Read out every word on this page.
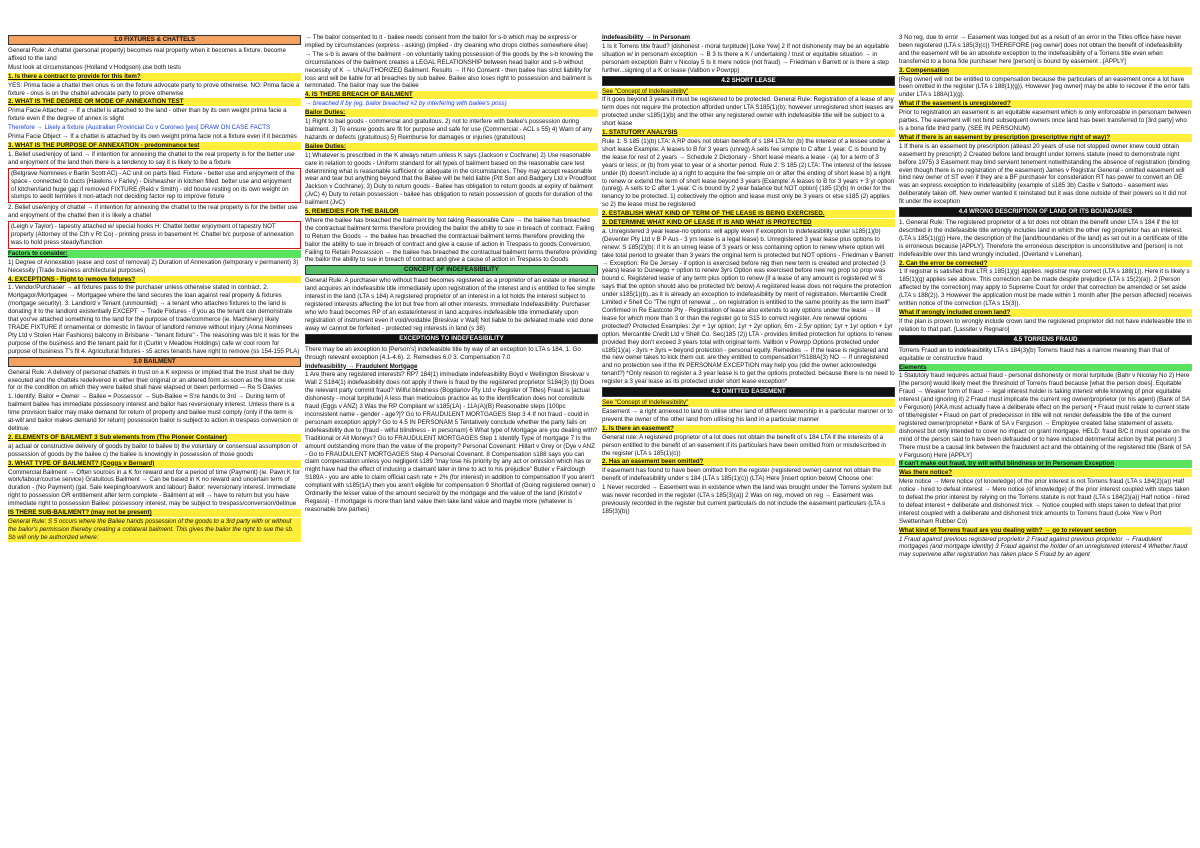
1.0 FIXTURES & CHATTELS
General Rule: A chattel (personal property) becomes real property when it becomes a fixture. become affixed to the land
Must look at circumstances (Holland v Hodgson) use both tests
1. Is there a contract to provide for this item?
YES: Prima facie a chattel then onus is on the fixture advocate party to prove otherwise. NO: Prima facie a fixture - onus is on the chattel advocate party to prove otherwise
2. WHAT IS THE DEGREE OR MODE OF ANNEXATION TEST
Prima Facie Attached → If a chattel is attached to the land - other than by its own weight prima facie a fixture even if the degree of annex is slight
Therefore → Likely a fixture (Australian Provincial Co v Coroneo [yes] DRAW ON CASE FACTS
Prima Facie Object → If a chattel is attached by its own weight prima facie not a fixture even if it becomes
3. WHAT IS THE PURPOSE OF ANNEXATION - predominance test
1. Belief used/enjoy of land → if intention for annexing the chattel to the real property is for the better use and enjoyment of the land then there is a tendency to say it is likely to be a fixture
(Belgrave Nominees v Barlin Scott AC) - AC unit on parts filed. Fixture - better use and enjoyment of the space - connected to ducts (Hawkins v Farley) - Dishwasher in kitchen filled: better use and enjoyment of kitchen/land huge gap if removed FIXTURE (Reid v Smith) - old house resting on its own weight on stumps to aedit termites it non-attach not deciding factor rep to improve fixture
2. Belief use/enjoy of chattel → if intention for annexing the chattel to the real property is for the better use and enjoyment of the chattel then it is likely a chattel
(Leigh v Taylor) - tapestry attached w/ special hooks H: Chattel better enjoyment of tapestry NOT property (Attorney of the Cth v Rt Co) - printing press in basement H: Chattel b/c purpose of annexation was to hold press steady/function
Factors to consider:
1) Degree of Annexation (ease and cost of removal) 2) Duration of Annexation (temporary v permanent) 3) Necessity (Trade business architectural purposes)
4. EXCEPTIONS - Right to remove fixtures?
1. Vendor/Purchaser → all fixtures pass to the purchaser unless otherwise stated in contract. 2. Mortgagor/Mortgagee → Mortgagee where the land secures the loan against real property & fixtures (mortgage security). 3. Landlord v Tenant (unmounted) → a tenant who attaches fixtures to the land is donating it to the landlord existentially EXCEPT → Trade Fixtures - if you as the tenant can demonstrate that you've attached something to the land for the purpose of trade/commerce (ie. Machinery) likely TRADE FIXTURE if ornamental or domestic in favour of landlord remove without injury (Anna Nominees Pty Ltd v Stolen Hair Fashions) balcony in Brisbane - "tenant fixture" - The reasoning was b/c it was for the purpose of the business and the tenant paid for it (Curtin v Meadow Holdings) cafe w/ cool room for purpose of business T's fit 4. Agricultural fixtures - s5 acres tenants have right to remove (ss 154-155 PLA)
3.0 BAILMENT
General Rule: A delivery of personal chattels in trust on a K express or implied that the trust shall be duly executed and the chattels redelivered in either their original or an altered form as soon as the time or use for or the condition on which they were bailed shall have elapsed or been performed — Re S Davies
1. Identify: Bailor = Owner → Bailee = Possessor → Sub-Bailee = S're hands to 3rd → During term of bailment bailee has immediate possessory interest and bailor has reversionary interest. Unless there is a time provision bailor may make demand for return of property and bailee must comply (only if the term is at-will and bailor makes demand for return) possession bailor is subject to action in trespass conversion or detinue.
2. ELEMENTS OF BAILMENT 3 Sub elements from (The Pioneer Container)
a) actual or constructive delivery of goods by bailor to bailee b) the voluntary or consensual assumption of possession of goods by the bailee c) the bailee is knowingly in possession of those goods
3. WHAT TYPE OF BAILMENT? (Coggs v Bernard)
Commercial Bailment → Often sources in a K for reward and for a period of time (Payment) (ie. Pawn K for work/labour/course service) Gratuitous Bailment → Can be based in K no reward and uncertain term of duration - (No Payment) (gal. Sale keeping/loan/work and labour) Bailor: reversionary interest. Immediate right to possession OR entitlement after term complete - Bailment at will → have to return but you have immediate right to possession Bailee: possessory interest. may be subject to trespass/conversion/detinue
IS THERE SUB-BAILMENT? (may not be present)
General Rule: S 5 occurs where the Bailee hands possession of the goods to a 3rd party with or without the bailor's permission thereby creating a collateral bailment. This gives the bailor the right to sue the sb. Sb will only be authorized where:
→ The bailor consented to it - bailee needs consent from the bailor for s-b which may be express or implied by circumstances (express - asking) (implied - dry cleaning who drops clothes somewhere else)
→ The s-b is aware of the bailment - on voluntarily taking possession of the goods by the s-b knowing the circumstances of the bailment creates a LEGAL RELATIONSHIP between head bailor and s-b without necessity of K → UNAUTHORIZED Bailment. Results → If No Consent - then bailee has strict liability for loss and will be liable for all breaches by sub bailee. Bailee also loses right to possession and bailment is terminated. The bailor may sue the bailee
4. IS THERE BREACH OF BAILMENT
→ breached if by (eg. bailor breached #2 by interfering with bailee's poss)
Bailor Duties:
1) Right to bail goods - commercial and gratuitous. 2) not to interfere with bailee's possession during bailment. 3) To ensure goods are fit for purpose and safe for use (Commercial - ACL s 55) 4) Warn of any hazards or defects (gratuitous) 5) Reimburse for damages or injuries (gratuitous)
Bailee Duties:
1) Whatever is prescribed in the K always return unless K says (Jackson v Cochrane) 2) Use reasonable care in relation to goods - Uniform standard for all types of bailment based on the reasonable care test determining what is reasonable sufficient or adequate in the circumstances. They may accept reasonable wear and tear but anything beyond that the Bailee will be held liable (Pitt Son and Badgery Ltd v Proudfoot Jackson v Cochrane); 3) Duty to return goods - Bailee has obligation to return goods at expiry of bailment (JvC) 4) Duty to retain possession - bailee has obligation to retain possession of goods for duration of the bailment (JvC)
5. REMEDIES FOR THE BAILOR
Where the bailee has breached the bailment by Not taking Reasonable Care → the bailee has breached the contractual bailment terms therefore providing the bailor the ability to sue in breach of contract. Failing to Return the Goods → the bailee has breached the contractual bailment terms therefore providing the bailor the ability to sue in breach of contract and give a cause of action in Trespass to goods Conversion. Failing to Retain Possession → the bailee has breached the contractual bailment terms therefore providing the bailor the ability to sue in breach of contract and give a cause of action in Trespass to Goods
CONCEPT OF INDEFEASIBILITY
General Rule: A purchaser who without fraud becomes registered as a proprietor of an estate or interest in land acquires an indefeasible title immediately upon registration of the interest and is entitled to fee simple interest in the land (LTA s 184) A registered proprietor of an interest in a lot holds the interest subject to registered interests affecting the lot but free from all other interests. Immediate Indefeasibility: Purchaser who w/o fraud becomes RP of an estate/interest in land acquires indefeasible title immediately upon registration of instrument even if void/voidable [Breskvar v Wall] Not liable to be defeated made void done away w/ cannot be forfeited - protected reg interests in land (s 38)
EXCEPTIONS TO INDEFEASIBILITY
There may be an exception to [Person's] indefeasible title by way of an exception to LTA s 184. 1. Go through relevant exception (4.1-4.6). 2. Remedies 6.0 3. Compensation 7.0
Indefeasibility → Fraudulent Mortgage
1 Are there any registered interests? RP? 184(1) immediate indefeasibility Boyd v Wellington Breskvar v Wall 2 S184(1) indefeasibility does not apply if there is fraud by the registered proprietor S184(3) (b) Does the relevant party commit fraud? Wilful blindness (Bogdanov Pty Ltd v Register of Titles) Fraud is [actual dishonesty - moral turpitude] A less than meticulous practice as to the identification does not constitute fraud (Eggs v ANZ) 3 Was the RP Compliant w/ s185(1A) - 11A(A)(B) Reasonable steps [100pc inconsistent name - gender - age?]? Go to FRAUDULENT MORTGAGES Step 3 4 If not fraud - could in personam exception apply? Go to 4.5 IN PERSONAM 5 Tentatively conclude whether the party fails on indefeasibility due to (fraud - wilful blindness - in personam) 6 What type of Mortgage are you dealing with? Traditional or All Moneys? Go to FRAUDULENT MORTGAGES Step 1 Identify Type of mortgage 7 Is the amount outstanding more than the value of the property? Personal Covenant: Hillart v Grey or (Dye v ANZ - Go to FRAUDULENT MORTGAGES Step 4 Personal Covenant. 8 Compensation s188 says you can claim compensation unless you negligent s189 "may lose his priority by any act or omission which has or might have had the effect of inducing a claimant later in time to act to his prejudice" Butler v Fairclough S189A - you are able to claim official cash rate + 2% (for interest) in addition to compensation If you aren't compliant with s185(1A) then you aren't eligible for compensation 9 Shortfall of (Going registered owner) o Ordinarily the lesser value of the amount secured by the mortgage and the value of the land (Kristof v Regassi) - If mortgage is more than land value then take land value and maybe more (whatever is reasonable b/w parties)
Indefeasibility → In Personam
1 Is it Torrens title fraud? [dishonest - moral turpitude] [Loke Yew] 2 If not dishonesty may be an equitable situation w/ in personam exception → B 3 Is there a K / undertaking / trust or equitable situation → in personam exception Bahr v Nicolay 5 Is it mere notice (not fraud) → Friedman v Barrett or is there a step further...signing of a K or lease (Vallbon v Powrpp)
4.2 SHORT LEASE
See "Concept of Indefeasibility"
If it goes beyond 3 years it must be registered to be protected. General Rule: Registration of a lease of any term does not require the protection afforded under LTA S185(1)(b); however unregistered short leases are protected under s185(1)(b) and the other any registered owner with indefeasible title will be subject to a short lease
1. STATUTORY ANALYSIS
Rule 1: S 185 (1)(b) LTA: A RP does not obtain benefit of s 184 LTA for (b) the interest of a lessee under a short lease Example: A leases to B for 3 years (unreg) A sells fee simple to C after 1 year. C is bound by the lease for rest of 2 years → Schedule 2 Dictionary - Short lease means a lease - (a) for a term of 3 years or less; or (b) from year to year or a shorter period. Rule 2: S 185 (2) LTA: The interest of the lessee under (b) doesn't include a) a right to acquire the fee simple on or after the ending of short lease b) a right to renew or extend the term of short lease beyond 3 years [Example: A leases to B for 3 years + 3 yr option (unreg). A sells to C after 1 year. C is bound by 2 year balance but NOT option] (185 (2)(b) In order for the tenancy to be protected. 1) collectively the option and lease must only be 3 years or else s185 (2) applies so 2) the lease must be registered
2. ESTABLISH WHAT KIND OF TERM OF THE LEASE IS BEING EXERCISED.
3. DETERMINE WHAT KIND OF LEASE IT IS AND WHAT IS PROTECTED
a. Unregistered 3 year lease-no options: will apply even if exception to indefeasibility under s185(1)(b) (Deventer Pty Ltd v B P Aus - 3 yrs lease is a legal lease) b. Unregistered 3 year lease plus options to renew: S 185(2)(b): if it is an unreg lease of 3 years or less containing option to renew where option will take total period to greater than 3 years the original term is protected but NOT options - Friedman v Barrett → Exception: Re De Jersey - if option is exercised before reg then new term is created and protected (3 years) lease to Duneego + option to renew 3yrs Option was exercised before new reg prop so prop was bound c. Registered lease of any term plus option to renew (if a lease of any amount is registered w/ S says that the option should also be protected b/c below) A registered lease does not require the protection under s185(1)(b)..as it is already an exception to indefeasibility by merit of registration. Mercantile Credit Limited v Shell Co "The right of renewal ... on registration is entitled to the same priority as the term itself" Confirmed in Re Eastcote Pty - Registration of lease also extends to any options under the lease → Ill lease for which more than 3 or than the register go to S15 to correct register. Are renewal options protected? Protected Examples: 2yr + 1yr option; 1yr + 2yr option; 6m - 2.5yr option; 1yr + 1yr option + 1yr option. Mercantile Credit Ltd v Shell Co. Sec(185 (2)) LTA - provides limited protection for options to renew provided they don't exceed 3 years total with original term. Vallbon v Powrpp Options protected under s185(1)(a) - 3yrs + 3yrs = beyond protection - personal equity. Remedies → If the lease is registered and the new owner takes to kick them out. are they entitled to compensation?S188A(3) NO → If unregistered and no protection see if the IN PERSONAM EXCEPTION may help you (did the owner acknowledge tenant?) *Only reason to register a 3 year lease is to get the options protected. because there is no need to register a 3 year lease as its protected under short lease exception*
4.3 OMITTED EASEMENT
See "Concept of Indefeasibility"
Easement → a right annexed to land to utilise other land of different ownership in a particular manner or to prevent the owner of the other land from utilising his land in a particular manner
1. Is there an easement?
General rule: A registered proprietor of a lot does not obtain the benefit of s 184 LTA if the interests of a person entitled to the benefit of an easement if its particulars have been omitted from or misdescribed in the register (LTA s 185(1)(c))
2. Has an easement been omitted?
If easement has found to have been omitted from the register (registered owner) cannot not obtain the benefit of indefeasibility under s 184 (LTA s 185(1)(c)) (LTA) Here [insert option below] Choose one:
1 Never recorded → Easement was in existence when the land was brought under the Torrens system but was never recorded in the register (LTA s 185(3)(a)) 2 Was on reg, moved on reg → Easement was previously recorded in the register but current particulars do not include the easement particulars (LTA s 185(3)(b))
3 No reg, due to error → Easement was lodged but as a result of an error in the Titles office have never been registered (LTA s 185(3)(c)) THEREFORE [reg owner] does not obtain the benefit of indefeasibility and the easement will be an absolute exception to the indefeasibility of a Torrens title even when transferred to a bona fide purchaser here [person] is bound by easement ..[APPLY]
3. Compensation
[Reg owner] will not be entitled to compensation because the particulars of an easement once a lot have been omitted in the register (LTA s 188(1)(g)). However [reg owner] may be able to recover if the error falls under LTA s 188A(1)(g).
What if the easement is unregistered?
Prior to registration an easement is an equitable easement which is only enforceable in personam between parties. The easement will not bind subsequent owners once land has been transferred to [3rd party] who is a bona fide third party. (SEE IN PERSONUM)
What if there is an easement by prescription (prescriptive right of way)?
1 If there is an easement by prescription (atleast 20 years of use not stopped owner knew could obtain easement by prescript) 2 Created before land brought under torrens statute (need to demonstrate right before 1975) 3 Easement may bind servient tenement notwithstanding the absence of registration (binding even though there is no registration of the easement) James v Registrar General - omitted easement will bind new owner of ST even if they are a BF purchaser for consideration RT has power to convert an OE was an express exception to indefeasibility (example of s185 3b) Castle v Saltodo - easement was deliberately taken off. New owner wanted it reinstated but it was done outside of their powers so it did not fit under the exception
4.4 WRONG DESCRIPTION OF LAND OR ITS BOUNDARIES
1. General Rule: The registered proprietor of a lot does not obtain the benefit under LTA s 184 if the lot described in the indefeasible title wrongly includes land in which the other reg proprietor has an interest. (LTA s 185(1)(g)) Here, the description of the [land/boundaries of the land] as set out in a certificate of title is erroneous because [APPLY]. Therefore the erroneous description is unconstitutive and [person] is not indefeasible over this land wrongly included. [Overland v Lenehan].
2. Can the error be corrected?
1 If registrar is satisfied that LTR s 185(1)(g) applies. registrar may correct (LTA s 188(1)). Here it is likely s 185(1)(g) applies see above. This correction can be made despite prejudice (LTA s 15(2)(a)). 2 [Person affected by the correction] may apply to Supreme Court for order that correction be amended or set aside (LTA s 188(2)). 3 However the application must be made within 1 month after [the person affected] receives written notice of the correction (LTA s 15(3)).
What if wrongly included crown land?
If the plan is proven to wrongly include crown land the registered proprietor did not have indefeasible title in relation to that part. [Lassiter v Regnaro]
4.5 TORRENS FRAUD
Torrens Fraud an to indefeasibility LTA s 184(3)(b) Torrens fraud has a narrow meaning than that of equitable or constructive fraud
Elements
1 Statutory fraud requires actual fraud - personal dishonesty or moral turpitude (Bahr v Nicolay No 2) Here [the person] would likely meet the threshold of Torrens fraud because [what the person does]. Equitable Fraud → Weaker form of fraud → legal interest holder is taking interest while knowing of prior equitable interest (and ignoring it) 2 Fraud must implicate the current reg owner/proprietor (or his agent) (Bank of SA v Ferguson) [AKA must actually have a deliberate effect on the person] • Fraud must relate to current state of title/register • Fraud on part of predecessor in title will not render defeasible the title of the current registered owner/proprietor • Bank of SA v Ferguson → Employee created false statement of assets. dishonest but only intended to cover no impact on grant mortgage. HELD: fraud B/C it must operate on the mind of the person said to have been defrauded or to have induced detrimental action by that person) 3 There must be a causal link between the fraudulent act and the obtaining of the registered title (Bank of SA v Ferguson) Here [APPLY]
If can't make out fraud, try will wilful blindness or In Personam Exception
Was there notice?
Mere notice → Mere notice (of knowledge) of the prior interest is not Torrens fraud (LTA s 184(2)(a)) Half notice - hired to defeat interest → Mere notice (of knowledge) of the prior interest coupled with steps taken to defeat the prior interest by relying on the Torrens statute is not fraud (LTA s 184(2)(a)) Half notice - hired to defeat interest + deliberate and dishonest trick → Notice coupled with steps taken to defeat that prior interest coupled with a deliberate and dishonest trick amounts to Torrens fraud (Loke Yew v Port Swettenham Rubber Co)
What kind of Torrens fraud are you dealing with? → go to relevant section
1 Fraud against previous registered proprietor 2 Fraud against previous proprietor → Fraudulent mortgages (and mortgage identity) 3 Fraud against the holder of an unregistered interest 4 Whether fraud may supervene after registration has taken place 5 Fraud by an agent
